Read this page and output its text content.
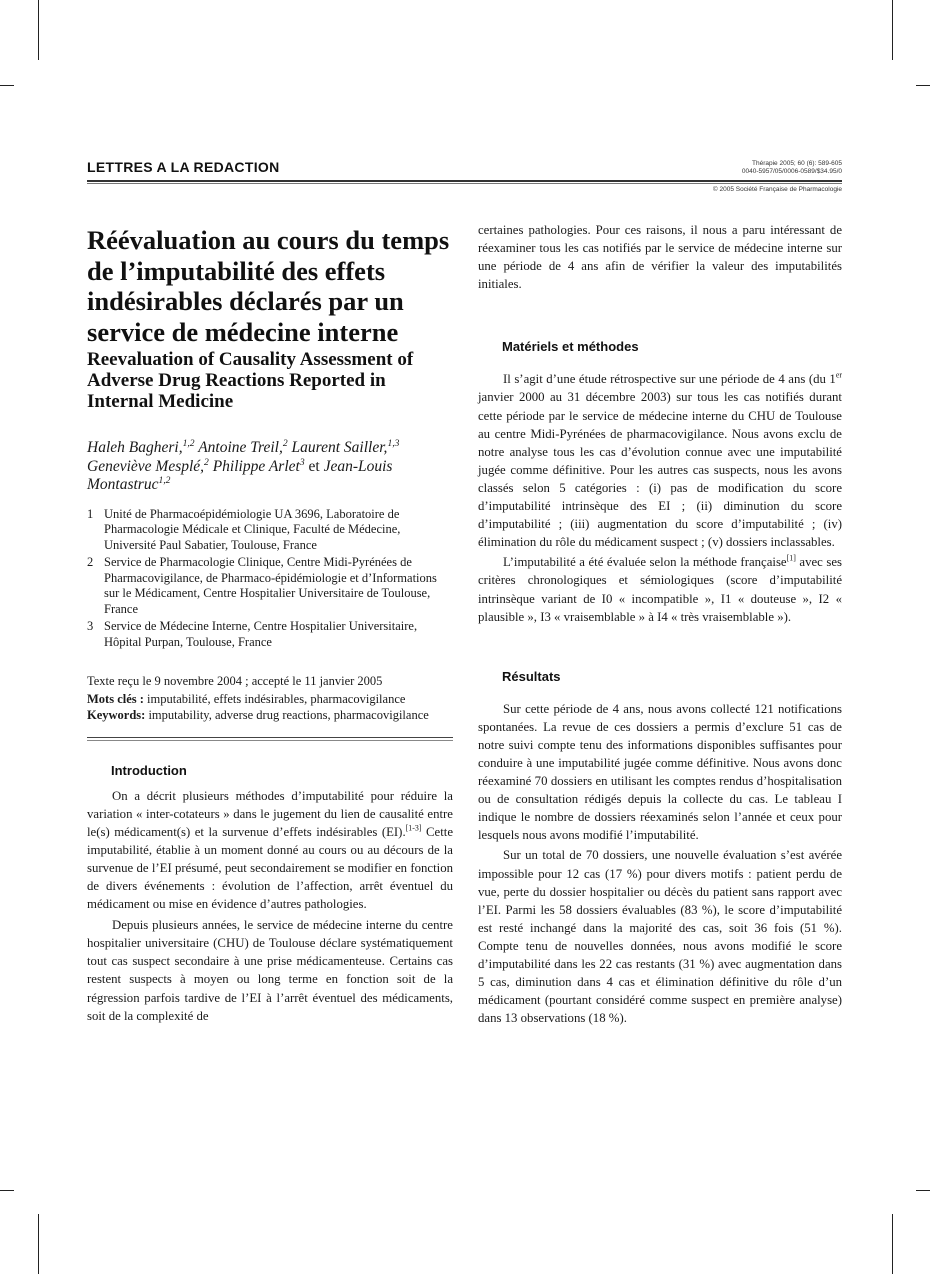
LETTRES A LA REDACTION	Thérapie 2005; 60 (6): 589-605
0040-5957/05/0006-0589/$34.95/0
© 2005 Société Française de Pharmacologie
Réévaluation au cours du temps de l’imputabilité des effets indésirables déclarés par un service de médecine interne
Reevaluation of Causality Assessment of Adverse Drug Reactions Reported in Internal Medicine

Haleh Bagheri,$^{1,2}$ Antoine Treil,$^2$ Laurent Sailler,$^{1,3}$ Geneviève Mesplé,$^2$ Philippe Arlet$^3$ et Jean-Louis Montastruc$^{1,2}$

1 Unité de Pharmacoépidémiologie UA 3696, Laboratoire de Pharmacologie Médicale et Clinique, Faculté de Médecine, Université Paul Sabatier, Toulouse, France
2 Service de Pharmacologie Clinique, Centre Midi-Pyrénées de Pharmacovigilance, de Pharmaco-épidémiologie et d’Informations sur le Médicament, Centre Hospitalier Universitaire de Toulouse, France
3 Service de Médecine Interne, Centre Hospitalier Universitaire, Hôpital Purpan, Toulouse, France
Texte reçu le 9 novembre 2004 ; accepté le 11 janvier 2005
Mots clés : imputabilité, effets indésirables, pharmacovigilance
Keywords: imputability, adverse drug reactions, pharmacovigilance
Introduction

On a décrit plusieurs méthodes d’imputabilité pour réduire la variation « inter-cotateurs » dans le jugement du lien de causalité entre le(s) médicament(s) et la survenue d’effets indésirables (EI).[1-3] Cette imputabilité, établie à un moment donné au cours ou au décours de la survenue de l’EI présumé, peut secondairement se modifier en fonction de divers événements : évolution de l’affection, arrêt éventuel du médicament ou mise en évidence d’autres pathologies.

Depuis plusieurs années, le service de médecine interne du centre hospitalier universitaire (CHU) de Toulouse déclare systématiquement tout cas suspect secondaire à une prise médicamenteuse. Certains cas restent suspects à moyen ou long terme en fonction soit de la régression parfois tardive de l’EI à l’arrêt éventuel des médicaments, soit de la complexité de

certaines pathologies. Pour ces raisons, il nous a paru intéressant de réexaminer tous les cas notifiés par le service de médecine interne sur une période de 4 ans afin de vérifier la valeur des imputabilités initiales.

Matériels et méthodes

Il s’agit d’une étude rétrospective sur une période de 4 ans (du 1er janvier 2000 au 31 décembre 2003) sur tous les cas notifiés durant cette période par le service de médecine interne du CHU de Toulouse au centre Midi-Pyrénées de pharmacovigilance. Nous avons exclu de notre analyse tous les cas d’évolution connue avec une imputabilité jugée comme définitive. Pour les autres cas suspects, nous les avons classés selon 5 catégories : (i) pas de modification du score d’imputabilité intrinsèque des EI ; (ii) diminution du score d’imputabilité ; (iii) augmentation du score d’imputabilité ; (iv) élimination du rôle du médicament suspect ; (v) dossiers inclassables.

L’imputabilité a été évaluée selon la méthode française[1] avec ses critères chronologiques et sémiologiques (score d’imputabilité intrinsèque variant de I0 « incompatible », I1 « douteuse », I2 « plausible », I3 « vraisemblable » à I4 « très vraisemblable »).

Résultats

Sur cette période de 4 ans, nous avons collecté 121 notifications spontanées. La revue de ces dossiers a permis d’exclure 51 cas de notre suivi compte tenu des informations disponibles suffisantes pour conduire à une imputabilité jugée comme définitive. Nous avons donc réexaminé 70 dossiers en utilisant les comptes rendus d’hospitalisation ou de consultation rédigés depuis la collecte du cas. Le tableau I indique le nombre de dossiers réexaminés selon l’année et ceux pour lesquels nous avons modifié l’imputabilité.

Sur un total de 70 dossiers, une nouvelle évaluation s’est avérée impossible pour 12 cas (17 %) pour divers motifs : patient perdu de vue, perte du dossier hospitalier ou décès du patient sans rapport avec l’EI. Parmi les 58 dossiers évaluables (83 %), le score d’imputabilité est resté inchangé dans la majorité des cas, soit 36 fois (51 %). Compte tenu de nouvelles données, nous avons modifié le score d’imputabilité dans les 22 cas restants (31 %) avec augmentation dans 5 cas, diminution dans 4 cas et élimination définitive du rôle d’un médicament (pourtant considéré comme suspect en première analyse) dans 13 observations (18 %).
